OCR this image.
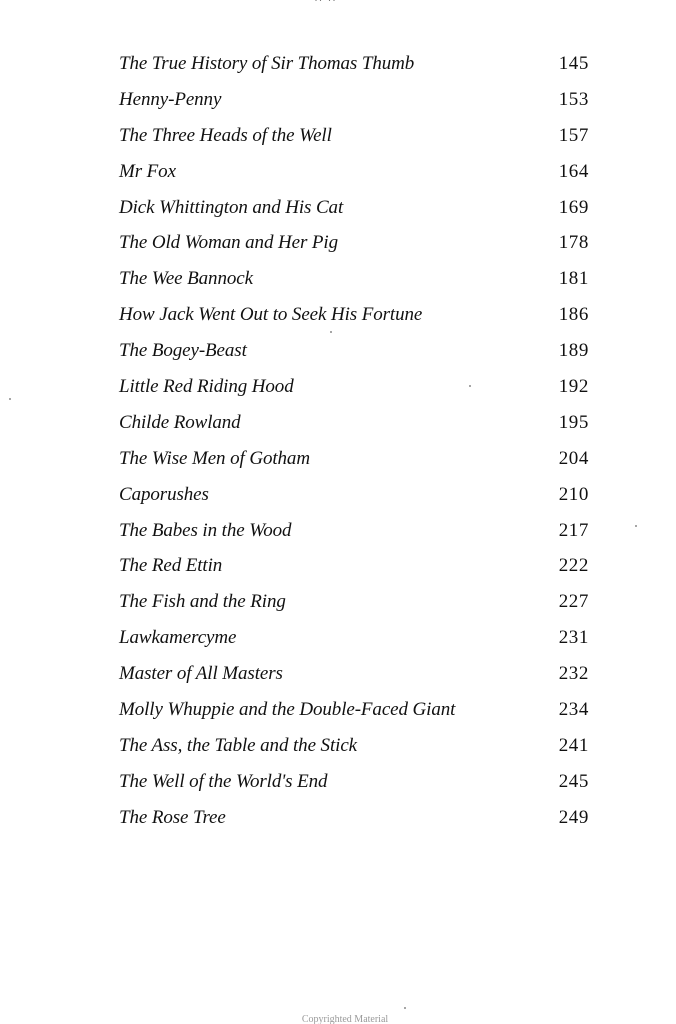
The True History of Sir Thomas Thumb	145
Henny-Penny	153
The Three Heads of the Well	157
Mr Fox	164
Dick Whittington and His Cat	169
The Old Woman and Her Pig	178
The Wee Bannock	181
How Jack Went Out to Seek His Fortune	186
The Bogey-Beast	189
Little Red Riding Hood	192
Childe Rowland	195
The Wise Men of Gotham	204
Caporushes	210
The Babes in the Wood	217
The Red Ettin	222
The Fish and the Ring	227
Lawkamercyme	231
Master of All Masters	232
Molly Whuppie and the Double-Faced Giant	234
The Ass, the Table and the Stick	241
The Well of the World's End	245
The Rose Tree	249
Copyrighted Material
